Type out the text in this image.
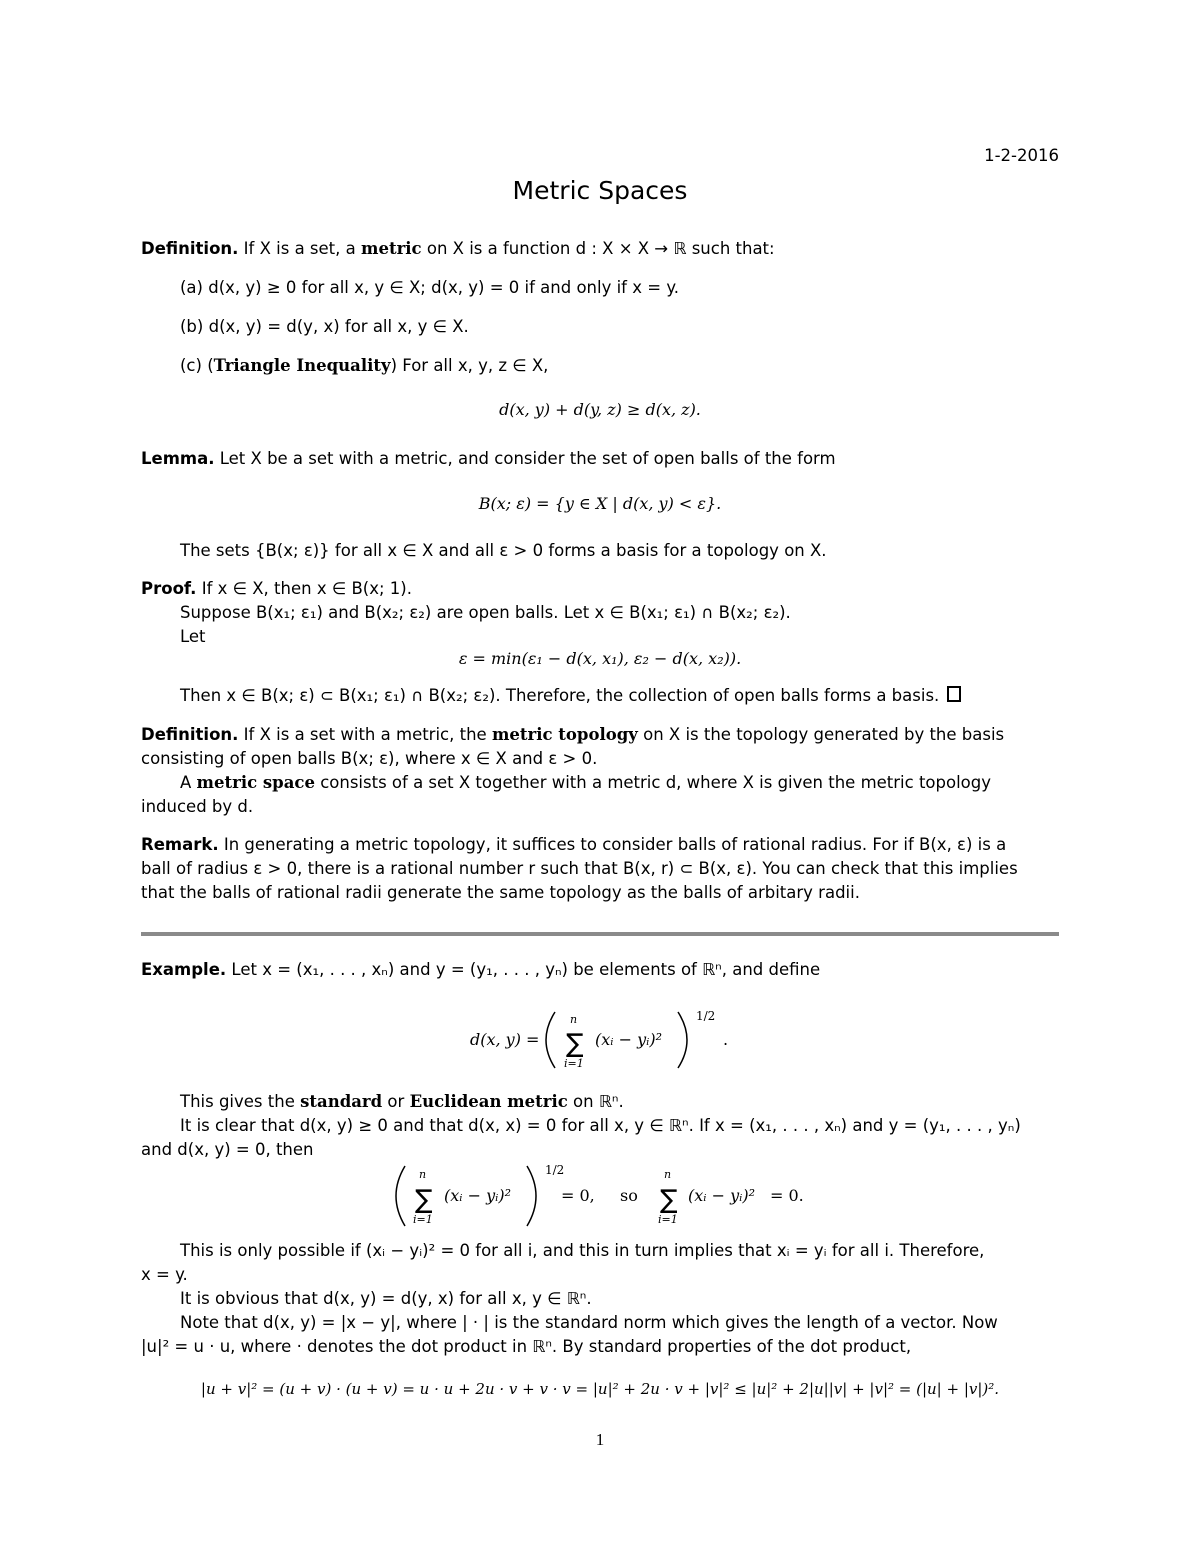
1-2-2016
Metric Spaces
Definition. If X is a set, a metric on X is a function d : X × X → ℝ such that:
(a) d(x, y) ≥ 0 for all x, y ∈ X; d(x, y) = 0 if and only if x = y.
(b) d(x, y) = d(y, x) for all x, y ∈ X.
(c) (Triangle Inequality) For all x, y, z ∈ X,
d(x, y) + d(y, z) ≥ d(x, z).
Lemma. Let X be a set with a metric, and consider the set of open balls of the form
B(x; ε) = {y ∈ X | d(x, y) < ε}.
The sets {B(x; ε)} for all x ∈ X and all ε > 0 forms a basis for a topology on X.
Proof. If x ∈ X, then x ∈ B(x; 1).
Suppose B(x₁; ε₁) and B(x₂; ε₂) are open balls. Let x ∈ B(x₁; ε₁) ∩ B(x₂; ε₂).
Let
ε = min(ε₁ − d(x, x₁), ε₂ − d(x, x₂)).
Then x ∈ B(x; ε) ⊂ B(x₁; ε₁) ∩ B(x₂; ε₂). Therefore, the collection of open balls forms a basis.
Definition. If X is a set with a metric, the metric topology on X is the topology generated by the basis
consisting of open balls B(x; ε), where x ∈ X and ε > 0.
A metric space consists of a set X together with a metric d, where X is given the metric topology
induced by d.
Remark. In generating a metric topology, it suffices to consider balls of rational radius. For if B(x, ε) is a
ball of radius ε > 0, there is a rational number r such that B(x, r) ⊂ B(x, ε). You can check that this implies
that the balls of rational radii generate the same topology as the balls of arbitary radii.
Example. Let x = (x₁, . . . , xₙ) and y = (y₁, . . . , yₙ) be elements of ℝⁿ, and define
d(x, y) =
n
∑
i=1
(xᵢ − yᵢ)²
1/2
.
This gives the standard or Euclidean metric on ℝⁿ.
It is clear that d(x, y) ≥ 0 and that d(x, x) = 0 for all x, y ∈ ℝⁿ. If x = (x₁, . . . , xₙ) and y = (y₁, . . . , yₙ)
and d(x, y) = 0, then
n
∑
i=1
(xᵢ − yᵢ)²
1/2
= 0, so
n
∑
i=1
(xᵢ − yᵢ)² = 0.
This is only possible if (xᵢ − yᵢ)² = 0 for all i, and this in turn implies that xᵢ = yᵢ for all i. Therefore,
x = y.
It is obvious that d(x, y) = d(y, x) for all x, y ∈ ℝⁿ.
Note that d(x, y) = |x − y|, where | · | is the standard norm which gives the length of a vector. Now
|u|² = u · u, where · denotes the dot product in ℝⁿ. By standard properties of the dot product,
|u + v|² = (u + v) · (u + v) = u · u + 2u · v + v · v = |u|² + 2u · v + |v|² ≤ |u|² + 2|u||v| + |v|² = (|u| + |v|)².
1
